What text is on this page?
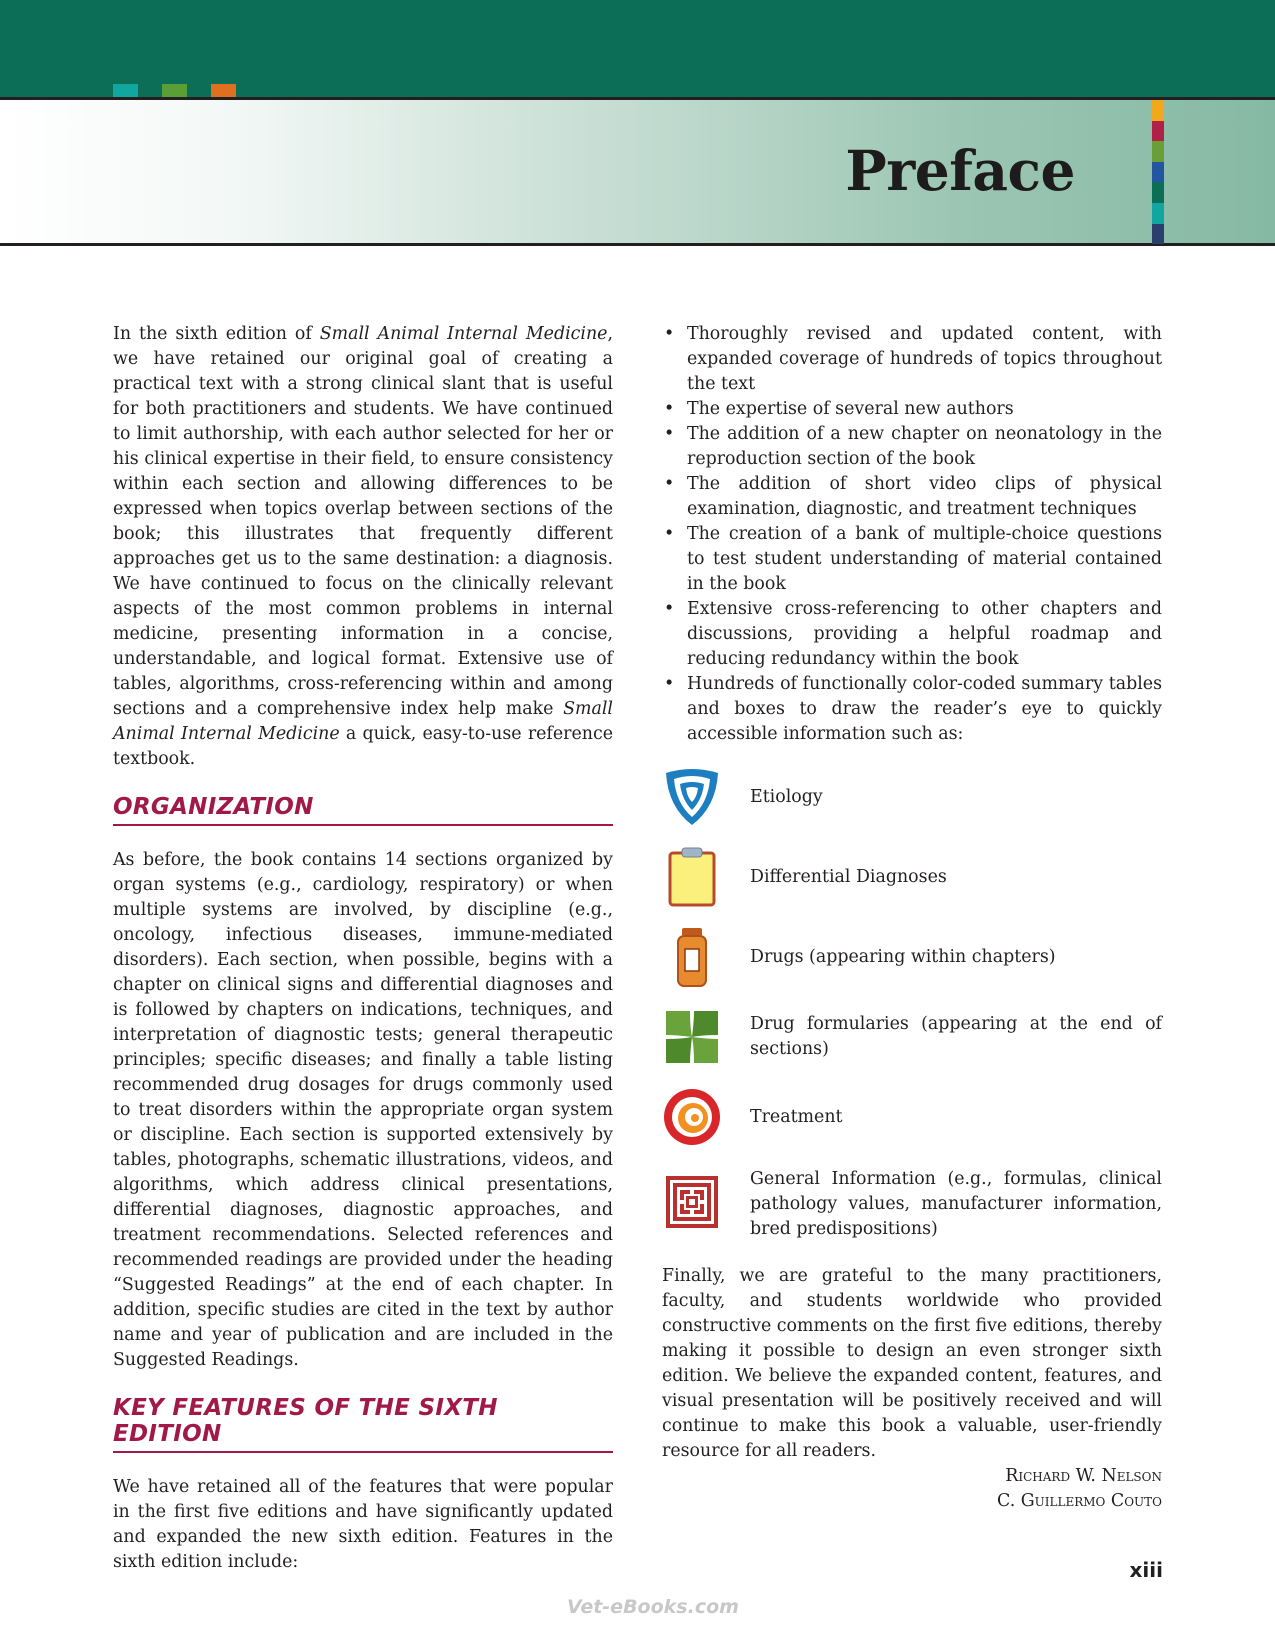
Preface

In the sixth edition of Small Animal Internal Medicine, we have retained our original goal of creating a practical text with a strong clinical slant that is useful for both practitioners and students. We have continued to limit authorship, with each author selected for her or his clinical expertise in their field, to ensure consistency within each section and allowing differences to be expressed when topics overlap between sections of the book; this illustrates that frequently different approaches get us to the same destination: a diagnosis. We have continued to focus on the clinically relevant aspects of the most common problems in internal medicine, presenting information in a concise, understandable, and logical format. Extensive use of tables, algorithms, cross-referencing within and among sections and a comprehensive index help make Small Animal Internal Medicine a quick, easy-to-use reference textbook.

ORGANIZATION

As before, the book contains 14 sections organized by organ systems (e.g., cardiology, respiratory) or when multiple systems are involved, by discipline (e.g., oncology, infectious diseases, immune-mediated disorders). Each section, when possible, begins with a chapter on clinical signs and differential diagnoses and is followed by chapters on indications, techniques, and interpretation of diagnostic tests; general therapeutic principles; specific diseases; and finally a table listing recommended drug dosages for drugs commonly used to treat disorders within the appropriate organ system or discipline. Each section is supported extensively by tables, photographs, schematic illustrations, videos, and algorithms, which address clinical presentations, differential diagnoses, diagnostic approaches, and treatment recommendations. Selected references and recommended readings are provided under the heading “Suggested Readings” at the end of each chapter. In addition, specific studies are cited in the text by author name and year of publication and are included in the Suggested Readings.

KEY FEATURES OF THE SIXTH EDITION

We have retained all of the features that were popular in the first five editions and have significantly updated and expanded the new sixth edition. Features in the sixth edition include:

• Thoroughly revised and updated content, with expanded coverage of hundreds of topics throughout the text
• The expertise of several new authors
• The addition of a new chapter on neonatology in the reproduction section of the book
• The addition of short video clips of physical examination, diagnostic, and treatment techniques
• The creation of a bank of multiple-choice questions to test student understanding of material contained in the book
• Extensive cross-referencing to other chapters and discussions, providing a helpful roadmap and reducing redundancy within the book
• Hundreds of functionally color-coded summary tables and boxes to draw the reader’s eye to quickly accessible information such as:
Etiology
Differential Diagnoses
Drugs (appearing within chapters)
Drug formularies (appearing at the end of sections)
Treatment
General Information (e.g., formulas, clinical pathology values, manufacturer information, bred predispositions)

Finally, we are grateful to the many practitioners, faculty, and students worldwide who provided constructive comments on the first five editions, thereby making it possible to design an even stronger sixth edition. We believe the expanded content, features, and visual presentation will be positively received and will continue to make this book a valuable, user-friendly resource for all readers.

Richard W. Nelson
C. Guillermo Couto
xiii
Vet-eBooks.com
